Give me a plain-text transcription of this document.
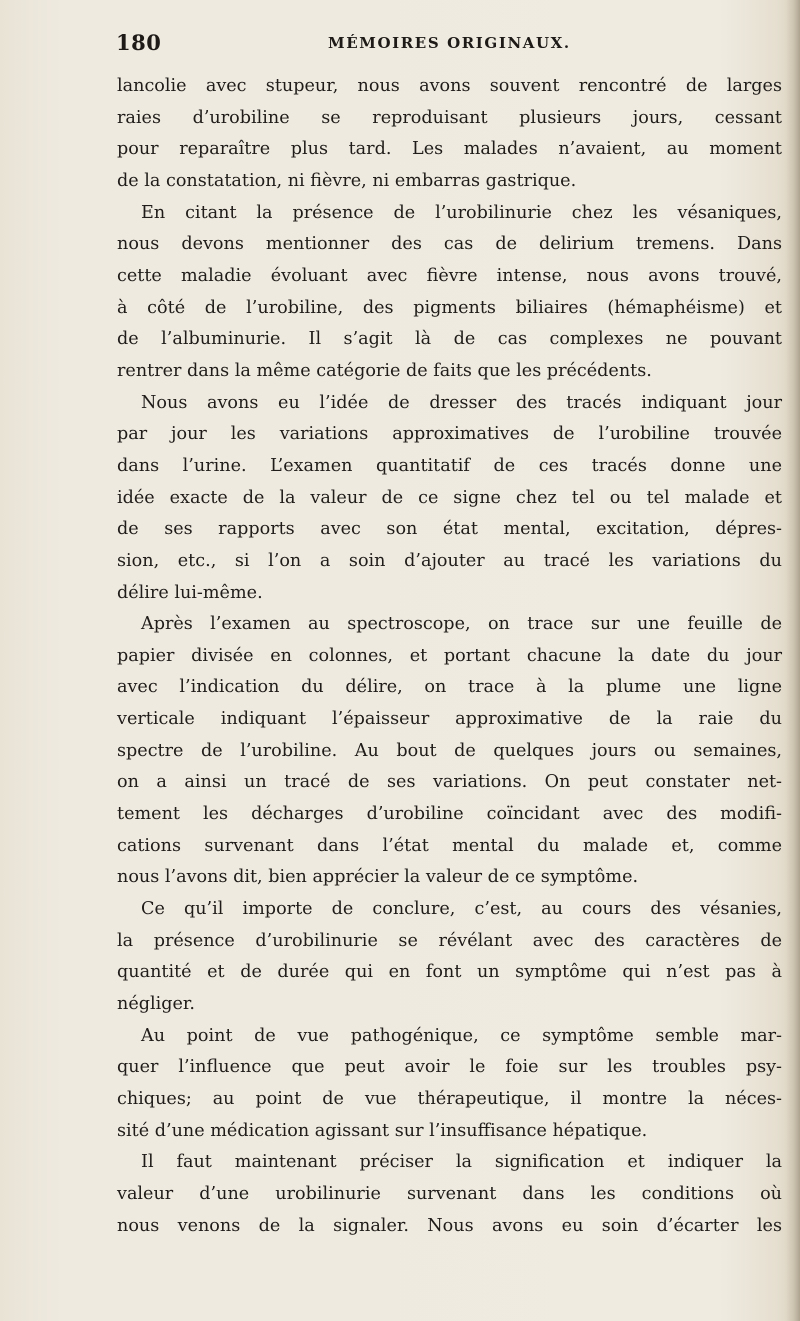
180	MÉMOIRES ORIGINAUX.

lancolie avec stupeur, nous avons souvent rencontré de larges

raies d’urobiline se reproduisant plusieurs jours, cessant

pour reparaître plus tard. Les malades n’avaient, au moment

de la constatation, ni fièvre, ni embarras gastrique.

En citant la présence de l’urobilinurie chez les vésaniques,

nous devons mentionner des cas de delirium tremens. Dans

cette maladie évoluant avec fièvre intense, nous avons trouvé,

à côté de l’urobiline, des pigments biliaires (hémaphéisme) et

de l’albuminurie. Il s’agit là de cas complexes ne pouvant

rentrer dans la même catégorie de faits que les précédents.

Nous avons eu l’idée de dresser des tracés indiquant jour

par jour les variations approximatives de l’urobiline trouvée

dans l’urine. L’examen quantitatif de ces tracés donne une

idée exacte de la valeur de ce signe chez tel ou tel malade et

de ses rapports avec son état mental, excitation, dépres-

sion, etc., si l’on a soin d’ajouter au tracé les variations du

délire lui-même.

Après l’examen au spectroscope, on trace sur une feuille de

papier divisée en colonnes, et portant chacune la date du jour

avec l’indication du délire, on trace à la plume une ligne

verticale indiquant l’épaisseur approximative de la raie du

spectre de l’urobiline. Au bout de quelques jours ou semaines,

on a ainsi un tracé de ses variations. On peut constater net-

tement les décharges d’urobiline coïncidant avec des modifi-

cations survenant dans l’état mental du malade et, comme

nous l’avons dit, bien apprécier la valeur de ce symptôme.

Ce qu’il importe de conclure, c’est, au cours des vésanies,

la présence d’urobilinurie se révélant avec des caractères de

quantité et de durée qui en font un symptôme qui n’est pas à

négliger.

Au point de vue pathogénique, ce symptôme semble mar-

quer l’influence que peut avoir le foie sur les troubles psy-

chiques; au point de vue thérapeutique, il montre la néces-

sité d’une médication agissant sur l’insuffisance hépatique.

Il faut maintenant préciser la signification et indiquer la

valeur d’une urobilinurie survenant dans les conditions où

nous venons de la signaler. Nous avons eu soin d’écarter les
